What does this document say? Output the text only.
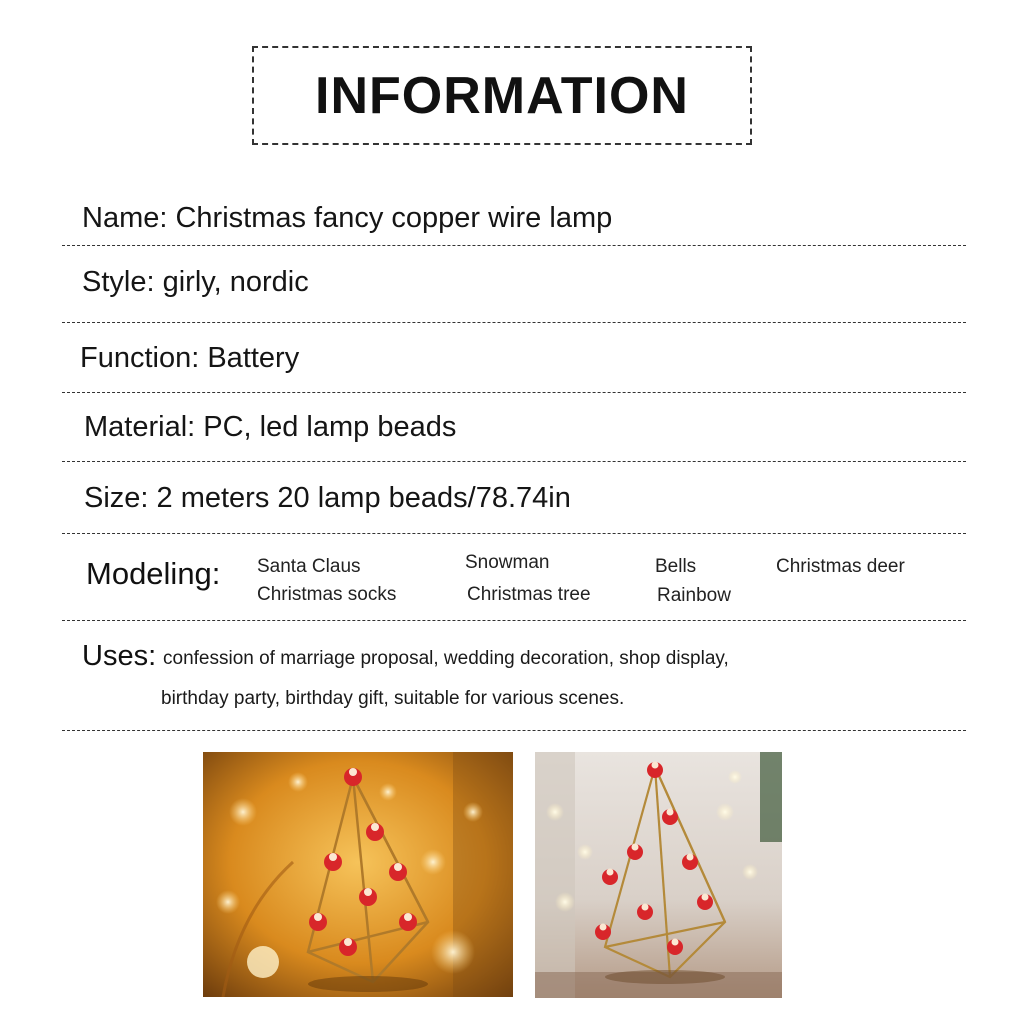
INFORMATION
Name: Christmas fancy copper wire lamp
Style: girly, nordic
Function: Battery
Material: PC, led lamp beads
Size: 2 meters 20 lamp beads/78.74in
Modeling: Santa Claus	Snowman	Bells	Christmas deer
Christmas socks	Christmas tree	Rainbow
Uses: confession of marriage proposal, wedding decoration, shop display,
birthday party, birthday gift, suitable for various scenes.
